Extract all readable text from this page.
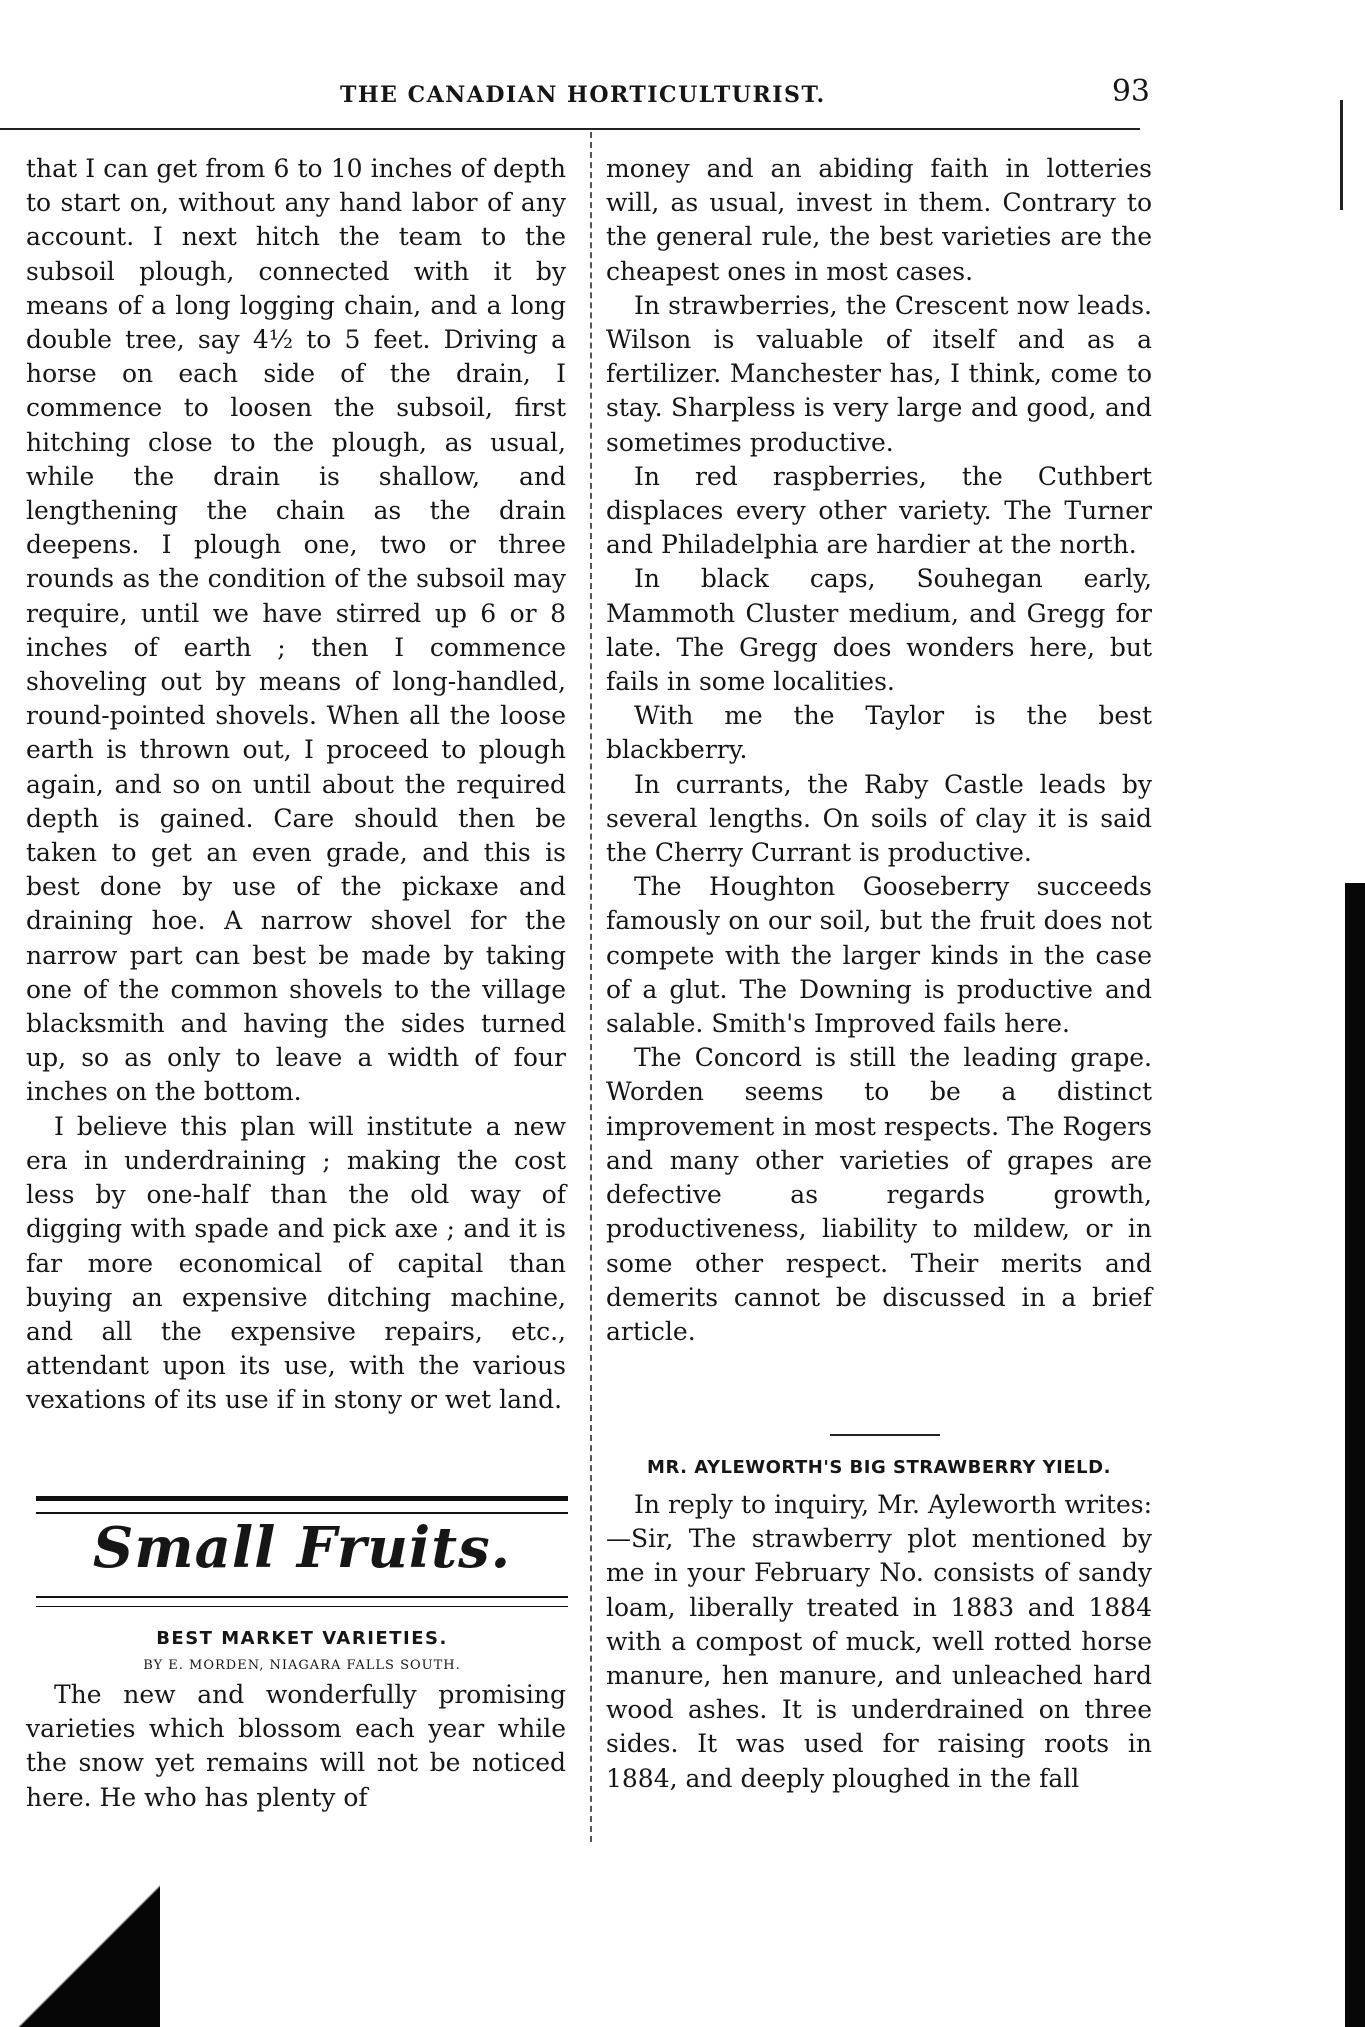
THE CANADIAN HORTICULTURIST.	93

that I can get from 6 to 10 inches of depth to start on, without any hand labor of any account. I next hitch the team to the subsoil plough, connected with it by means of a long logging chain, and a long double tree, say 4½ to 5 feet. Driving a horse on each side of the drain, I commence to loosen the subsoil, first hitching close to the plough, as usual, while the drain is shallow, and lengthening the chain as the drain deepens. I plough one, two or three rounds as the condition of the subsoil may require, until we have stirred up 6 or 8 inches of earth ; then I commence shoveling out by means of long-handled, round-pointed shovels. When all the loose earth is thrown out, I proceed to plough again, and so on until about the required depth is gained. Care should then be taken to get an even grade, and this is best done by use of the pickaxe and draining hoe. A narrow shovel for the narrow part can best be made by taking one of the common shovels to the village blacksmith and having the sides turned up, so as only to leave a width of four inches on the bottom.

I believe this plan will institute a new era in underdraining ; making the cost less by one-half than the old way of digging with spade and pick axe ; and it is far more economical of capital than buying an expensive ditching machine, and all the expensive repairs, etc., attendant upon its use, with the various vexations of its use if in stony or wet land.

Small Fruits.
BEST MARKET VARIETIES.
BY E. MORDEN, NIAGARA FALLS SOUTH.

The new and wonderfully promising varieties which blossom each year while the snow yet remains will not be noticed here. He who has plenty of

money and an abiding faith in lotteries will, as usual, invest in them. Contrary to the general rule, the best varieties are the cheapest ones in most cases.

In strawberries, the Crescent now leads. Wilson is valuable of itself and as a fertilizer. Manchester has, I think, come to stay. Sharpless is very large and good, and sometimes productive.

In red raspberries, the Cuthbert displaces every other variety. The Turner and Philadelphia are hardier at the north.

In black caps, Souhegan early, Mammoth Cluster medium, and Gregg for late. The Gregg does wonders here, but fails in some localities.

With me the Taylor is the best blackberry.

In currants, the Raby Castle leads by several lengths. On soils of clay it is said the Cherry Currant is productive.

The Houghton Gooseberry succeeds famously on our soil, but the fruit does not compete with the larger kinds in the case of a glut. The Downing is productive and salable. Smith's Improved fails here.

The Concord is still the leading grape. Worden seems to be a distinct improvement in most respects. The Rogers and many other varieties of grapes are defective as regards growth, productiveness, liability to mildew, or in some other respect. Their merits and demerits cannot be discussed in a brief article.

MR. AYLEWORTH'S BIG STRAWBERRY YIELD.

In reply to inquiry, Mr. Ayleworth writes:—Sir, The strawberry plot mentioned by me in your February No. consists of sandy loam, liberally treated in 1883 and 1884 with a compost of muck, well rotted horse manure, hen manure, and unleached hard wood ashes. It is underdrained on three sides. It was used for raising roots in 1884, and deeply ploughed in the fall
